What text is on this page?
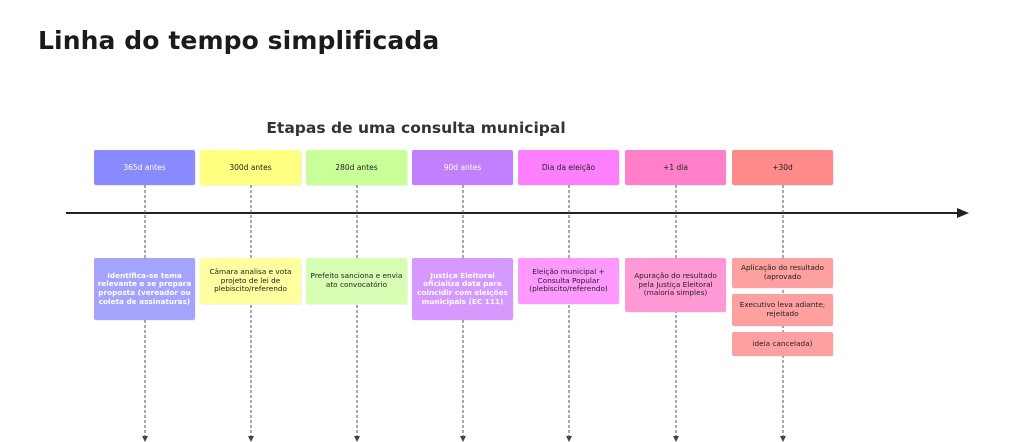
Linha do tempo simplificada
Etapas de uma consulta municipal
365d antes
Identifica-se tema relevante e se prepara proposta (vereador ou coleta de assinaturas)
300d antes
Câmara analisa e vota projeto de lei de plebiscito/referendo
280d antes
Prefeito sanciona e envia ato convocatório
90d antes
Justiça Eleitoral oficializa data para coincidir com eleições municipais (EC 111)
Dia da eleição
Eleição municipal + Consulta Popular (plebiscito/referendo)
+1 dia
Apuração do resultado pela Justiça Eleitoral (maioria simples)
+30d
Aplicação do resultado (aprovado
Executivo leva adiante; rejeitado
ideia cancelada)
